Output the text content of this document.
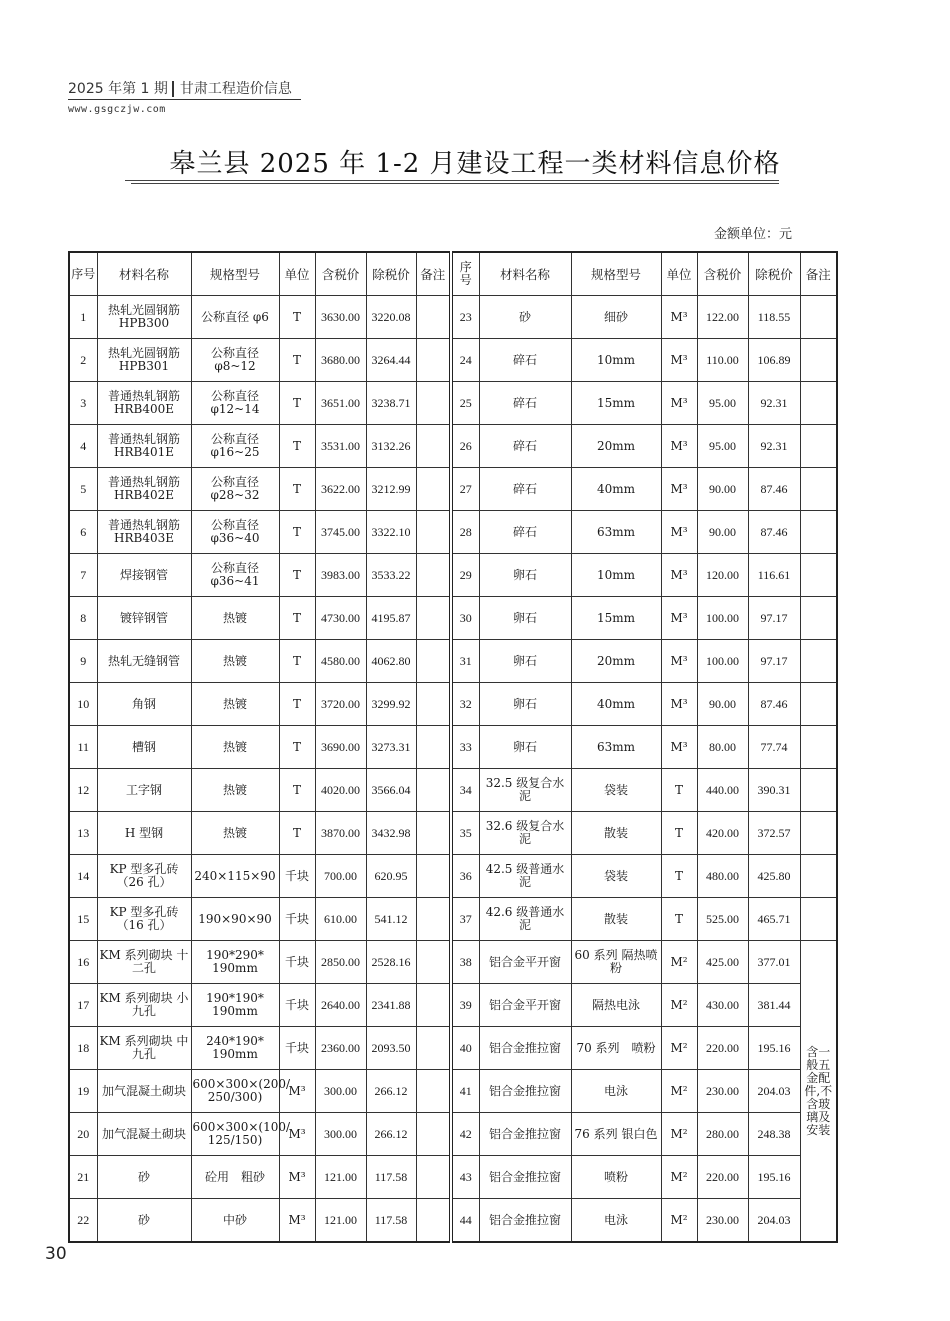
2025 年第 1 期 甘肃工程造价信息
www.gsgczjw.com
皋兰县 2025 年 1-2 月建设工程一类材料信息价格
金额单位：元
序号	材料名称	规格型号	单位	含税价	除税价	备注	序号	材料名称	规格型号	单位	含税价	除税价	备注
1	热轧光圆钢筋 HPB300	公称直径 φ6	T	3630.00	3220.08		23	砂	细砂	M³	122.00	118.55	
2	热轧光圆钢筋 HPB301	公称直径 φ8~12	T	3680.00	3264.44		24	碎石	10mm	M³	110.00	106.89	
3	普通热轧钢筋 HRB400E	公称直径 φ12~14	T	3651.00	3238.71		25	碎石	15mm	M³	95.00	92.31	
4	普通热轧钢筋 HRB401E	公称直径 φ16~25	T	3531.00	3132.26		26	碎石	20mm	M³	95.00	92.31	
5	普通热轧钢筋 HRB402E	公称直径 φ28~32	T	3622.00	3212.99		27	碎石	40mm	M³	90.00	87.46	
6	普通热轧钢筋 HRB403E	公称直径 φ36~40	T	3745.00	3322.10		28	碎石	63mm	M³	90.00	87.46	
7	焊接钢管	公称直径 φ36~41	T	3983.00	3533.22		29	卵石	10mm	M³	120.00	116.61	
8	镀锌钢管	热镀	T	4730.00	4195.87		30	卵石	15mm	M³	100.00	97.17	
9	热轧无缝钢管	热镀	T	4580.00	4062.80		31	卵石	20mm	M³	100.00	97.17	
10	角钢	热镀	T	3720.00	3299.92		32	卵石	40mm	M³	90.00	87.46	
11	槽钢	热镀	T	3690.00	3273.31		33	卵石	63mm	M³	80.00	77.74	
12	工字钢	热镀	T	4020.00	3566.04		34	32.5 级复合水泥	袋装	T	440.00	390.31	
13	H 型钢	热镀	T	3870.00	3432.98		35	32.6 级复合水泥	散装	T	420.00	372.57	
14	KP 型多孔砖（26 孔）	240×115×90	千块	700.00	620.95		36	42.5 级普通水泥	袋装	T	480.00	425.80	
15	KP 型多孔砖（16 孔）	190×90×90	千块	610.00	541.12		37	42.6 级普通水泥	散装	T	525.00	465.71	
16	KM 系列砌块 十二孔	190*290* 190mm	千块	2850.00	2528.16		38	铝合金平开窗	60 系列 隔热喷粉	M²	425.00	377.01	含一般五金配件,不含玻璃及安装
17	KM 系列砌块 小九孔	190*190* 190mm	千块	2640.00	2341.88		39	铝合金平开窗	隔热电泳	M²	430.00	381.44	
18	KM 系列砌块 中九孔	240*190* 190mm	千块	2360.00	2093.50		40	铝合金推拉窗	70 系列　喷粉	M²	220.00	195.16	
19	加气混凝土砌块	600×300×(200/ 250/300)	M³	300.00	266.12		41	铝合金推拉窗	电泳	M²	230.00	204.03	
20	加气混凝土砌块	600×300×(100/ 125/150)	M³	300.00	266.12		42	铝合金推拉窗	76 系列 银白色	M²	280.00	248.38	
21	砂	砼用　粗砂	M³	121.00	117.58		43	铝合金推拉窗	喷粉	M²	220.00	195.16	
22	砂	中砂	M³	121.00	117.58		44	铝合金推拉窗	电泳	M²	230.00	204.03	
30
